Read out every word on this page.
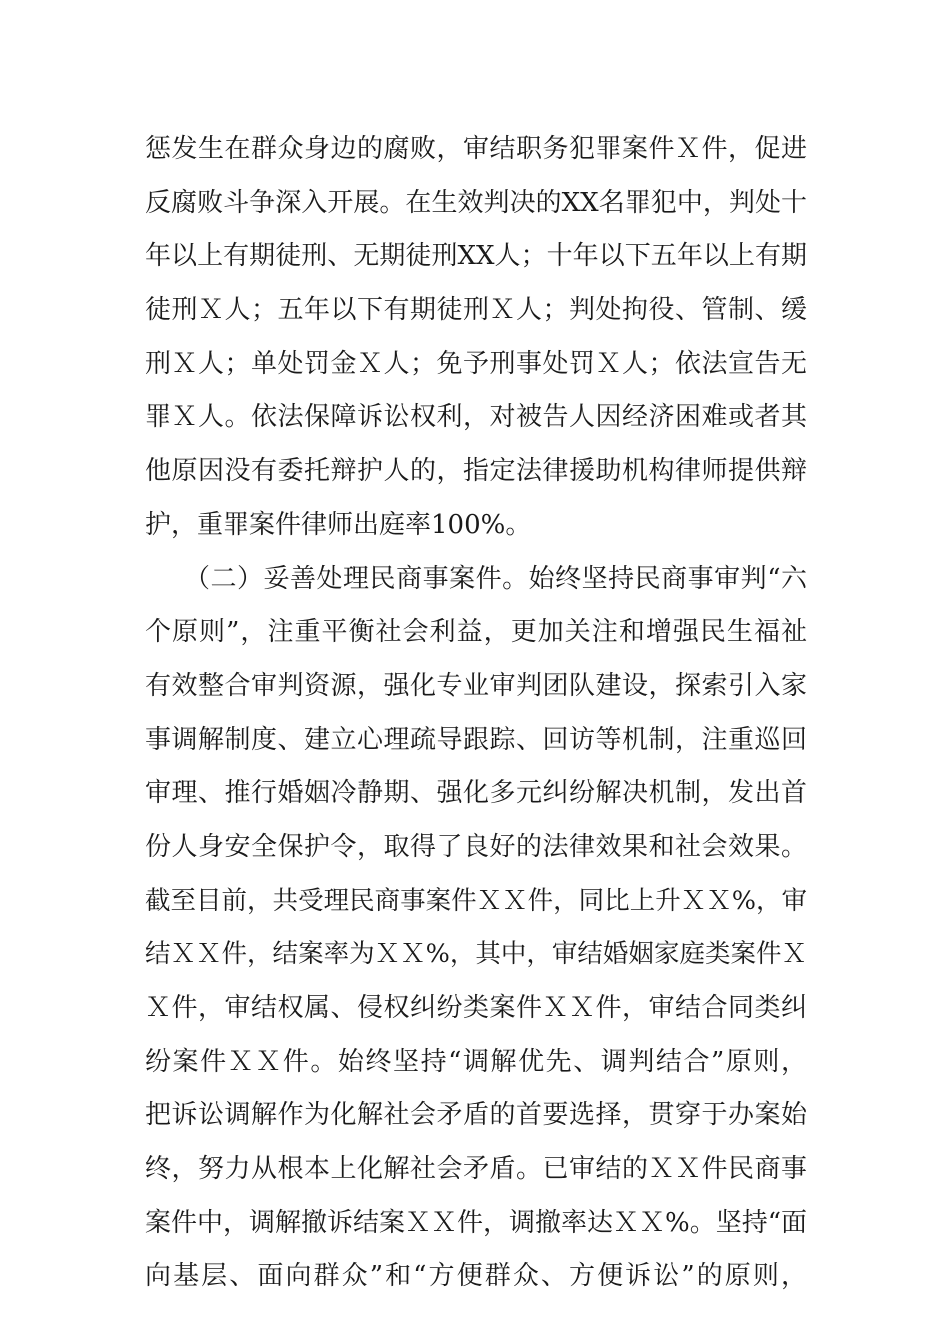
惩发生在群众身边的腐败，审结职务犯罪案件Ｘ件，促进
反腐败斗争深入开展。在生效判决的XX名罪犯中，判处十
年以上有期徒刑、无期徒刑XX人；十年以下五年以上有期
徒刑Ｘ人；五年以下有期徒刑Ｘ人；判处拘役、管制、缓
刑Ｘ人；单处罚金Ｘ人；免予刑事处罚Ｘ人；依法宣告无
罪Ｘ人。依法保障诉讼权利，对被告人因经济困难或者其
他原因没有委托辩护人的，指定法律援助机构律师提供辩
护，重罪案件律师出庭率100%。
（二）妥善处理民商事案件。始终坚持民商事审判“六
个原则”，注重平衡社会利益，更加关注和增强民生福祉
有效整合审判资源，强化专业审判团队建设，探索引入家
事调解制度、建立心理疏导跟踪、回访等机制，注重巡回
审理、推行婚姻冷静期、强化多元纠纷解决机制，发出首
份人身安全保护令，取得了良好的法律效果和社会效果。
截至目前，共受理民商事案件ＸＸ件，同比上升ＸＸ%，审
结ＸＸ件，结案率为ＸＸ%，其中，审结婚姻家庭类案件Ｘ
Ｘ件，审结权属、侵权纠纷类案件ＸＸ件，审结合同类纠
纷案件ＸＸ件。始终坚持“调解优先、调判结合”原则，
把诉讼调解作为化解社会矛盾的首要选择，贯穿于办案始
终，努力从根本上化解社会矛盾。已审结的ＸＸ件民商事
案件中，调解撤诉结案ＸＸ件，调撤率达ＸＸ%。坚持“面
向基层、面向群众”和“方便群众、方便诉讼”的原则，
